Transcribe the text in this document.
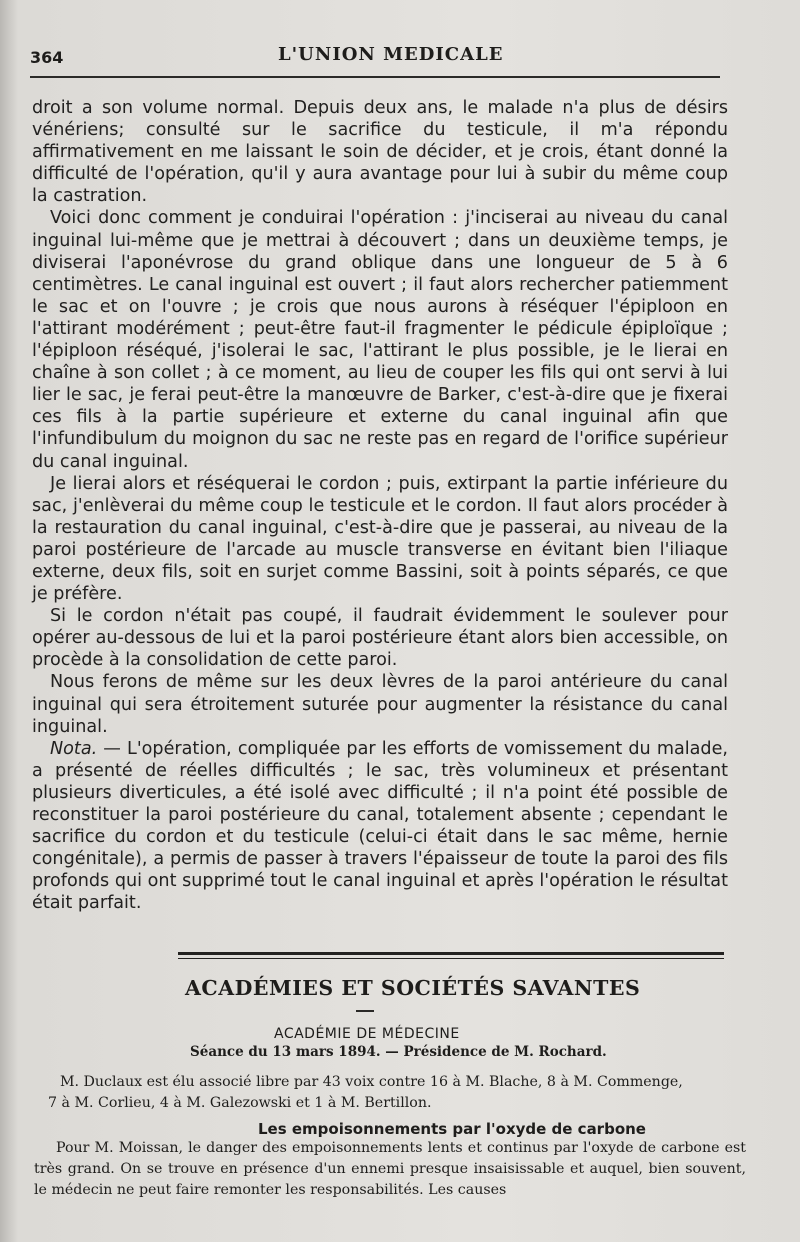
364	L'UNION MEDICALE

droit a son volume normal. Depuis deux ans, le malade n'a plus de désirs vénériens; consulté sur le sacrifice du testicule, il m'a répondu affirmativement en me laissant le soin de décider, et je crois, étant donné la difficulté de l'opération, qu'il y aura avantage pour lui à subir du même coup la castration.

Voici donc comment je conduirai l'opération : j'inciserai au niveau du canal inguinal lui-même que je mettrai à découvert ; dans un deuxième temps, je diviserai l'aponévrose du grand oblique dans une longueur de 5 à 6 centimètres. Le canal inguinal est ouvert ; il faut alors rechercher patiemment le sac et on l'ouvre ; je crois que nous aurons à réséquer l'épiploon en l'attirant modérément ; peut-être faut-il fragmenter le pédicule épiploïque ; l'épiploon réséqué, j'isolerai le sac, l'attirant le plus possible, je le lierai en chaîne à son collet ; à ce moment, au lieu de couper les fils qui ont servi à lui lier le sac, je ferai peut-être la manœuvre de Barker, c'est-à-dire que je fixerai ces fils à la partie supérieure et externe du canal inguinal afin que l'infundibulum du moignon du sac ne reste pas en regard de l'orifice supérieur du canal inguinal.

Je lierai alors et réséquerai le cordon ; puis, extirpant la partie inférieure du sac, j'enlèverai du même coup le testicule et le cordon. Il faut alors procéder à la restauration du canal inguinal, c'est-à-dire que je passerai, au niveau de la paroi postérieure de l'arcade au muscle transverse en évitant bien l'iliaque externe, deux fils, soit en surjet comme Bassini, soit à points séparés, ce que je préfère.

Si le cordon n'était pas coupé, il faudrait évidemment le soulever pour opérer au-dessous de lui et la paroi postérieure étant alors bien accessible, on procède à la consolidation de cette paroi.

Nous ferons de même sur les deux lèvres de la paroi antérieure du canal inguinal qui sera étroitement suturée pour augmenter la résistance du canal inguinal.

Nota. — L'opération, compliquée par les efforts de vomissement du malade, a présenté de réelles difficultés ; le sac, très volumineux et présentant plusieurs diverticules, a été isolé avec difficulté ; il n'a point été possible de reconstituer la paroi postérieure du canal, totalement absente ; cependant le sacrifice du cordon et du testicule (celui-ci était dans le sac même, hernie congénitale), a permis de passer à travers l'épaisseur de toute la paroi des fils profonds qui ont supprimé tout le canal inguinal et après l'opération le résultat était parfait.

ACADÉMIES ET SOCIÉTÉS SAVANTES
ACADÉMIE DE MÉDECINE
Séance du 13 mars 1894. — Présidence de M. Rochard.
M. Duclaux est élu associé libre par 43 voix contre 16 à M. Blache, 8 à M. Commenge,
7 à M. Corlieu, 4 à M. Galezowski et 1 à M. Bertillon.
Les empoisonnements par l'oxyde de carbone

Pour M. Moissan, le danger des empoisonnements lents et continus par l'oxyde de carbone est très grand. On se trouve en présence d'un ennemi presque insaisissable et auquel, bien souvent, le médecin ne peut faire remonter les responsabilités. Les causes
